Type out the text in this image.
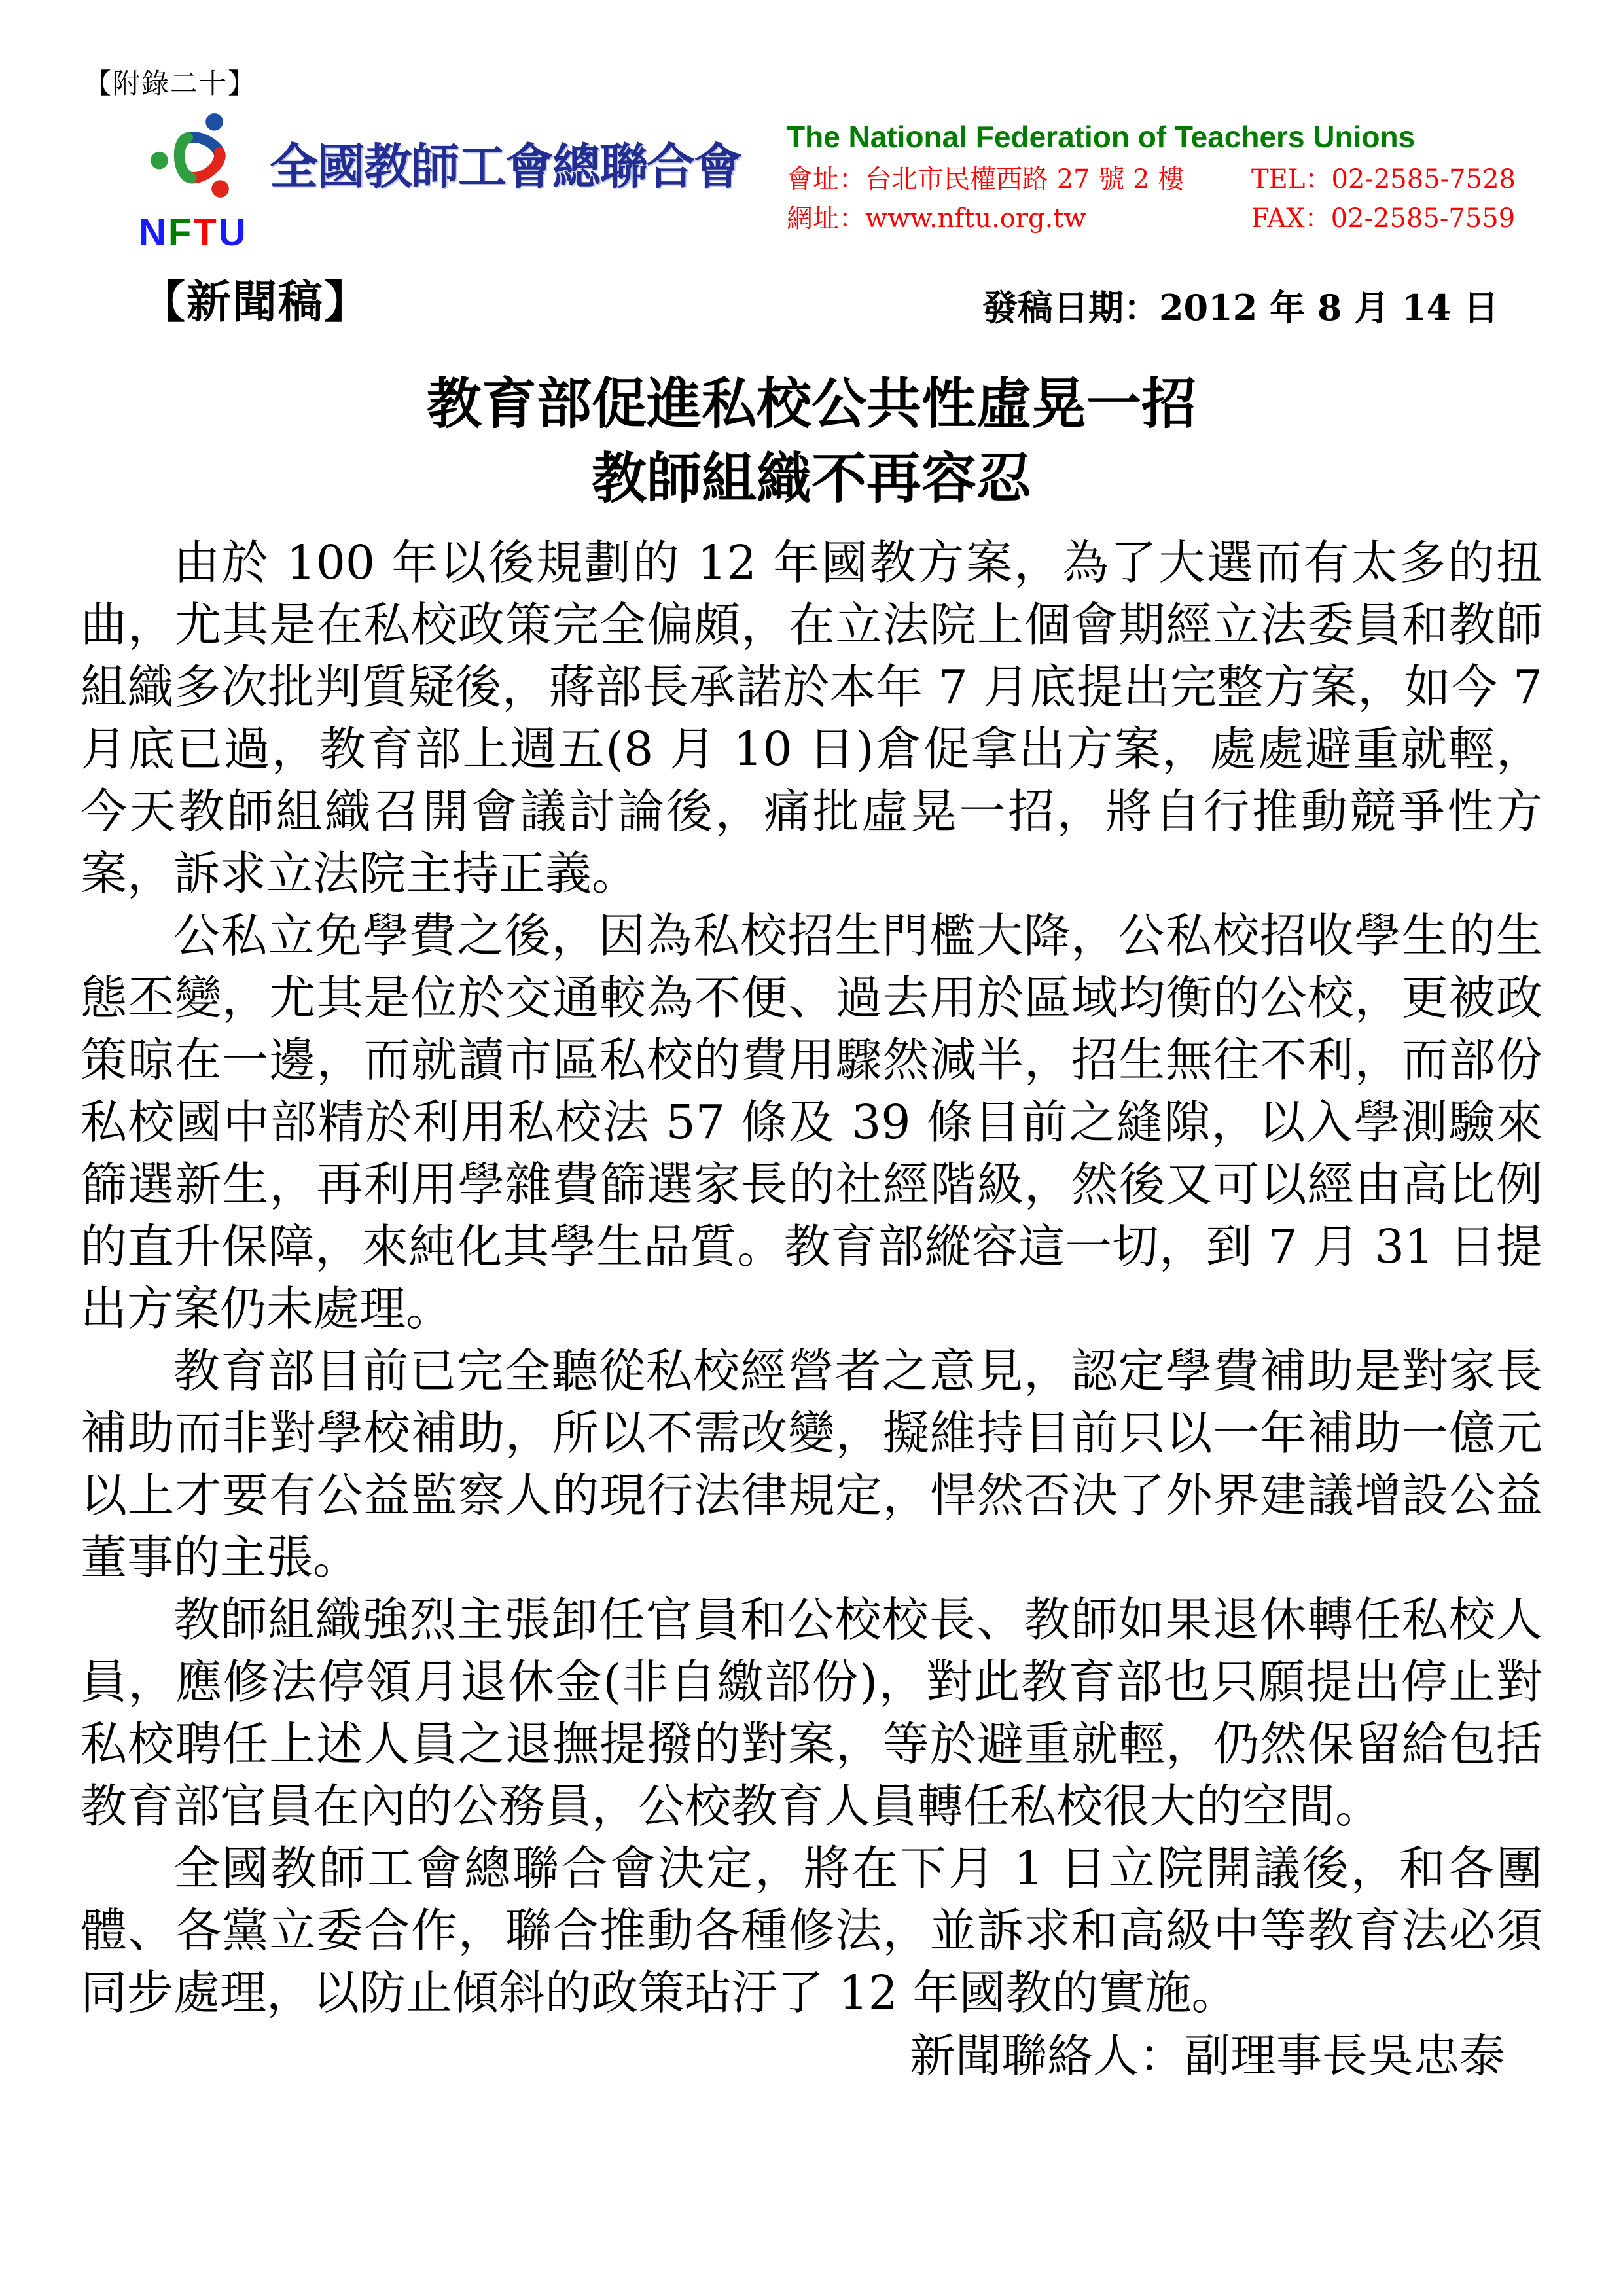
【附錄二十】
NFTU
全國教師工會總聯合會
The National Federation of Teachers Unions
會址：台北市民權西路 27 號 2 樓	TEL：02-2585-7528
網址：www.nftu.org.tw	FAX：02-2585-7559
【新聞稿】	發稿日期：2012 年 8 月 14 日
教育部促進私校公共性虛晃一招
教師組織不再容忍

由於 100 年以後規劃的 12 年國教方案，為了大選而有太多的扭曲，尤其是在私校政策完全偏頗，在立法院上個會期經立法委員和教師組織多次批判質疑後，蔣部長承諾於本年 7 月底提出完整方案，如今 7 月底已過，教育部上週五(8 月 10 日)倉促拿出方案，處處避重就輕，今天教師組織召開會議討論後，痛批虛晃一招，將自行推動競爭性方案，訴求立法院主持正義。

公私立免學費之後，因為私校招生門檻大降，公私校招收學生的生態丕變，尤其是位於交通較為不便、過去用於區域均衡的公校，更被政策晾在一邊，而就讀市區私校的費用驟然減半，招生無往不利，而部份私校國中部精於利用私校法 57 條及 39 條目前之縫隙，以入學測驗來篩選新生，再利用學雜費篩選家長的社經階級，然後又可以經由高比例的直升保障，來純化其學生品質。教育部縱容這一切，到 7 月 31 日提出方案仍未處理。

教育部目前已完全聽從私校經營者之意見，認定學費補助是對家長補助而非對學校補助，所以不需改變，擬維持目前只以一年補助一億元以上才要有公益監察人的現行法律規定，悍然否決了外界建議增設公益董事的主張。

教師組織強烈主張卸任官員和公校校長、教師如果退休轉任私校人員，應修法停領月退休金(非自繳部份)，對此教育部也只願提出停止對私校聘任上述人員之退撫提撥的對案，等於避重就輕，仍然保留給包括教育部官員在內的公務員，公校教育人員轉任私校很大的空間。

全國教師工會總聯合會決定，將在下月 1 日立院開議後，和各團體、各黨立委合作，聯合推動各種修法，並訴求和高級中等教育法必須同步處理，以防止傾斜的政策玷汙了 12 年國教的實施。

新聞聯絡人：副理事長吳忠泰
